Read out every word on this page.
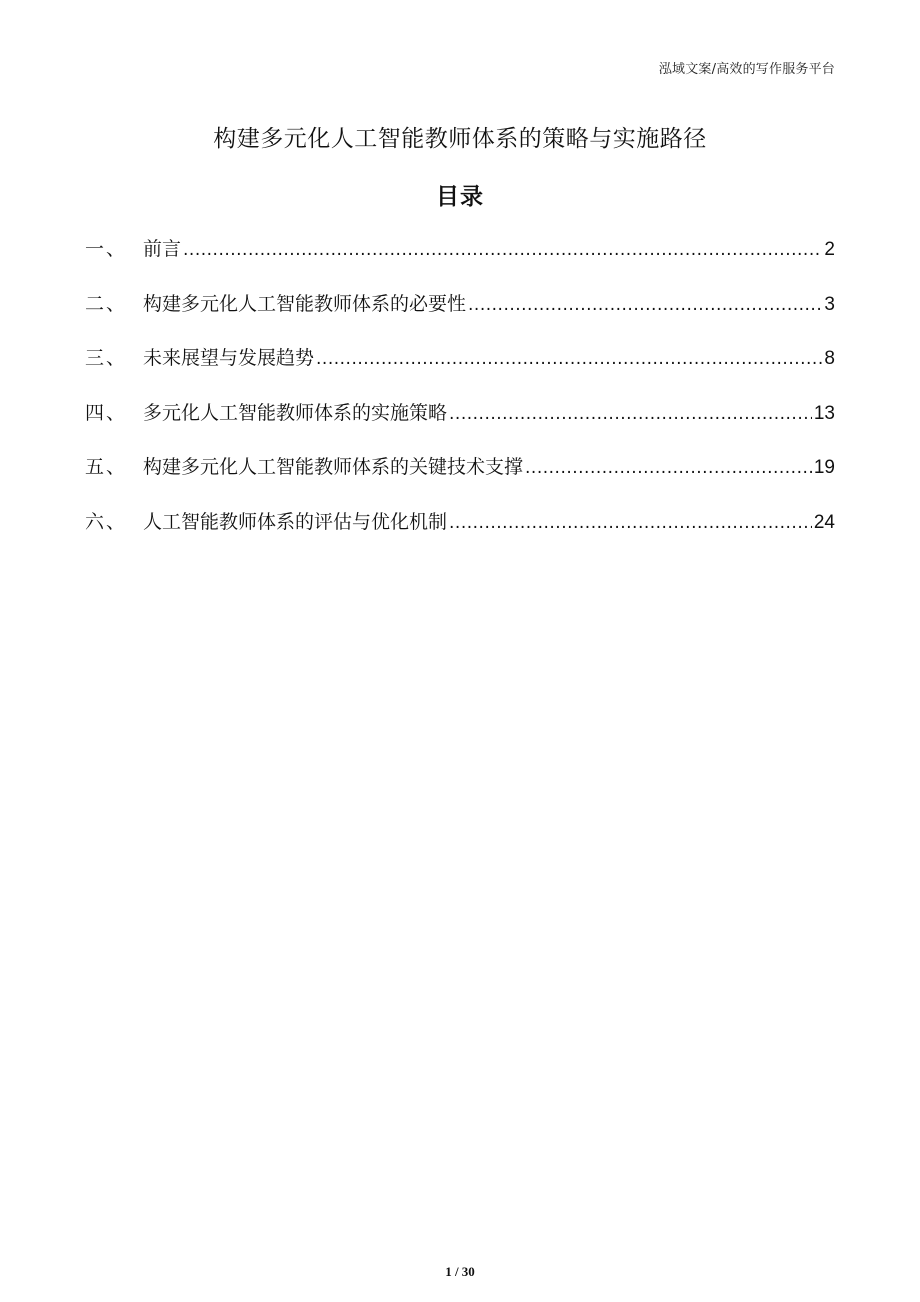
泓域文案/高效的写作服务平台
构建多元化人工智能教师体系的策略与实施路径
目录
一、 前言 .....	2
二、 构建多元化人工智能教师体系的必要性 .....	3
三、 未来展望与发展趋势 .....	8
四、 多元化人工智能教师体系的实施策略 .....	13
五、 构建多元化人工智能教师体系的关键技术支撑 .....	19
六、 人工智能教师体系的评估与优化机制 .....	24
1 / 30
